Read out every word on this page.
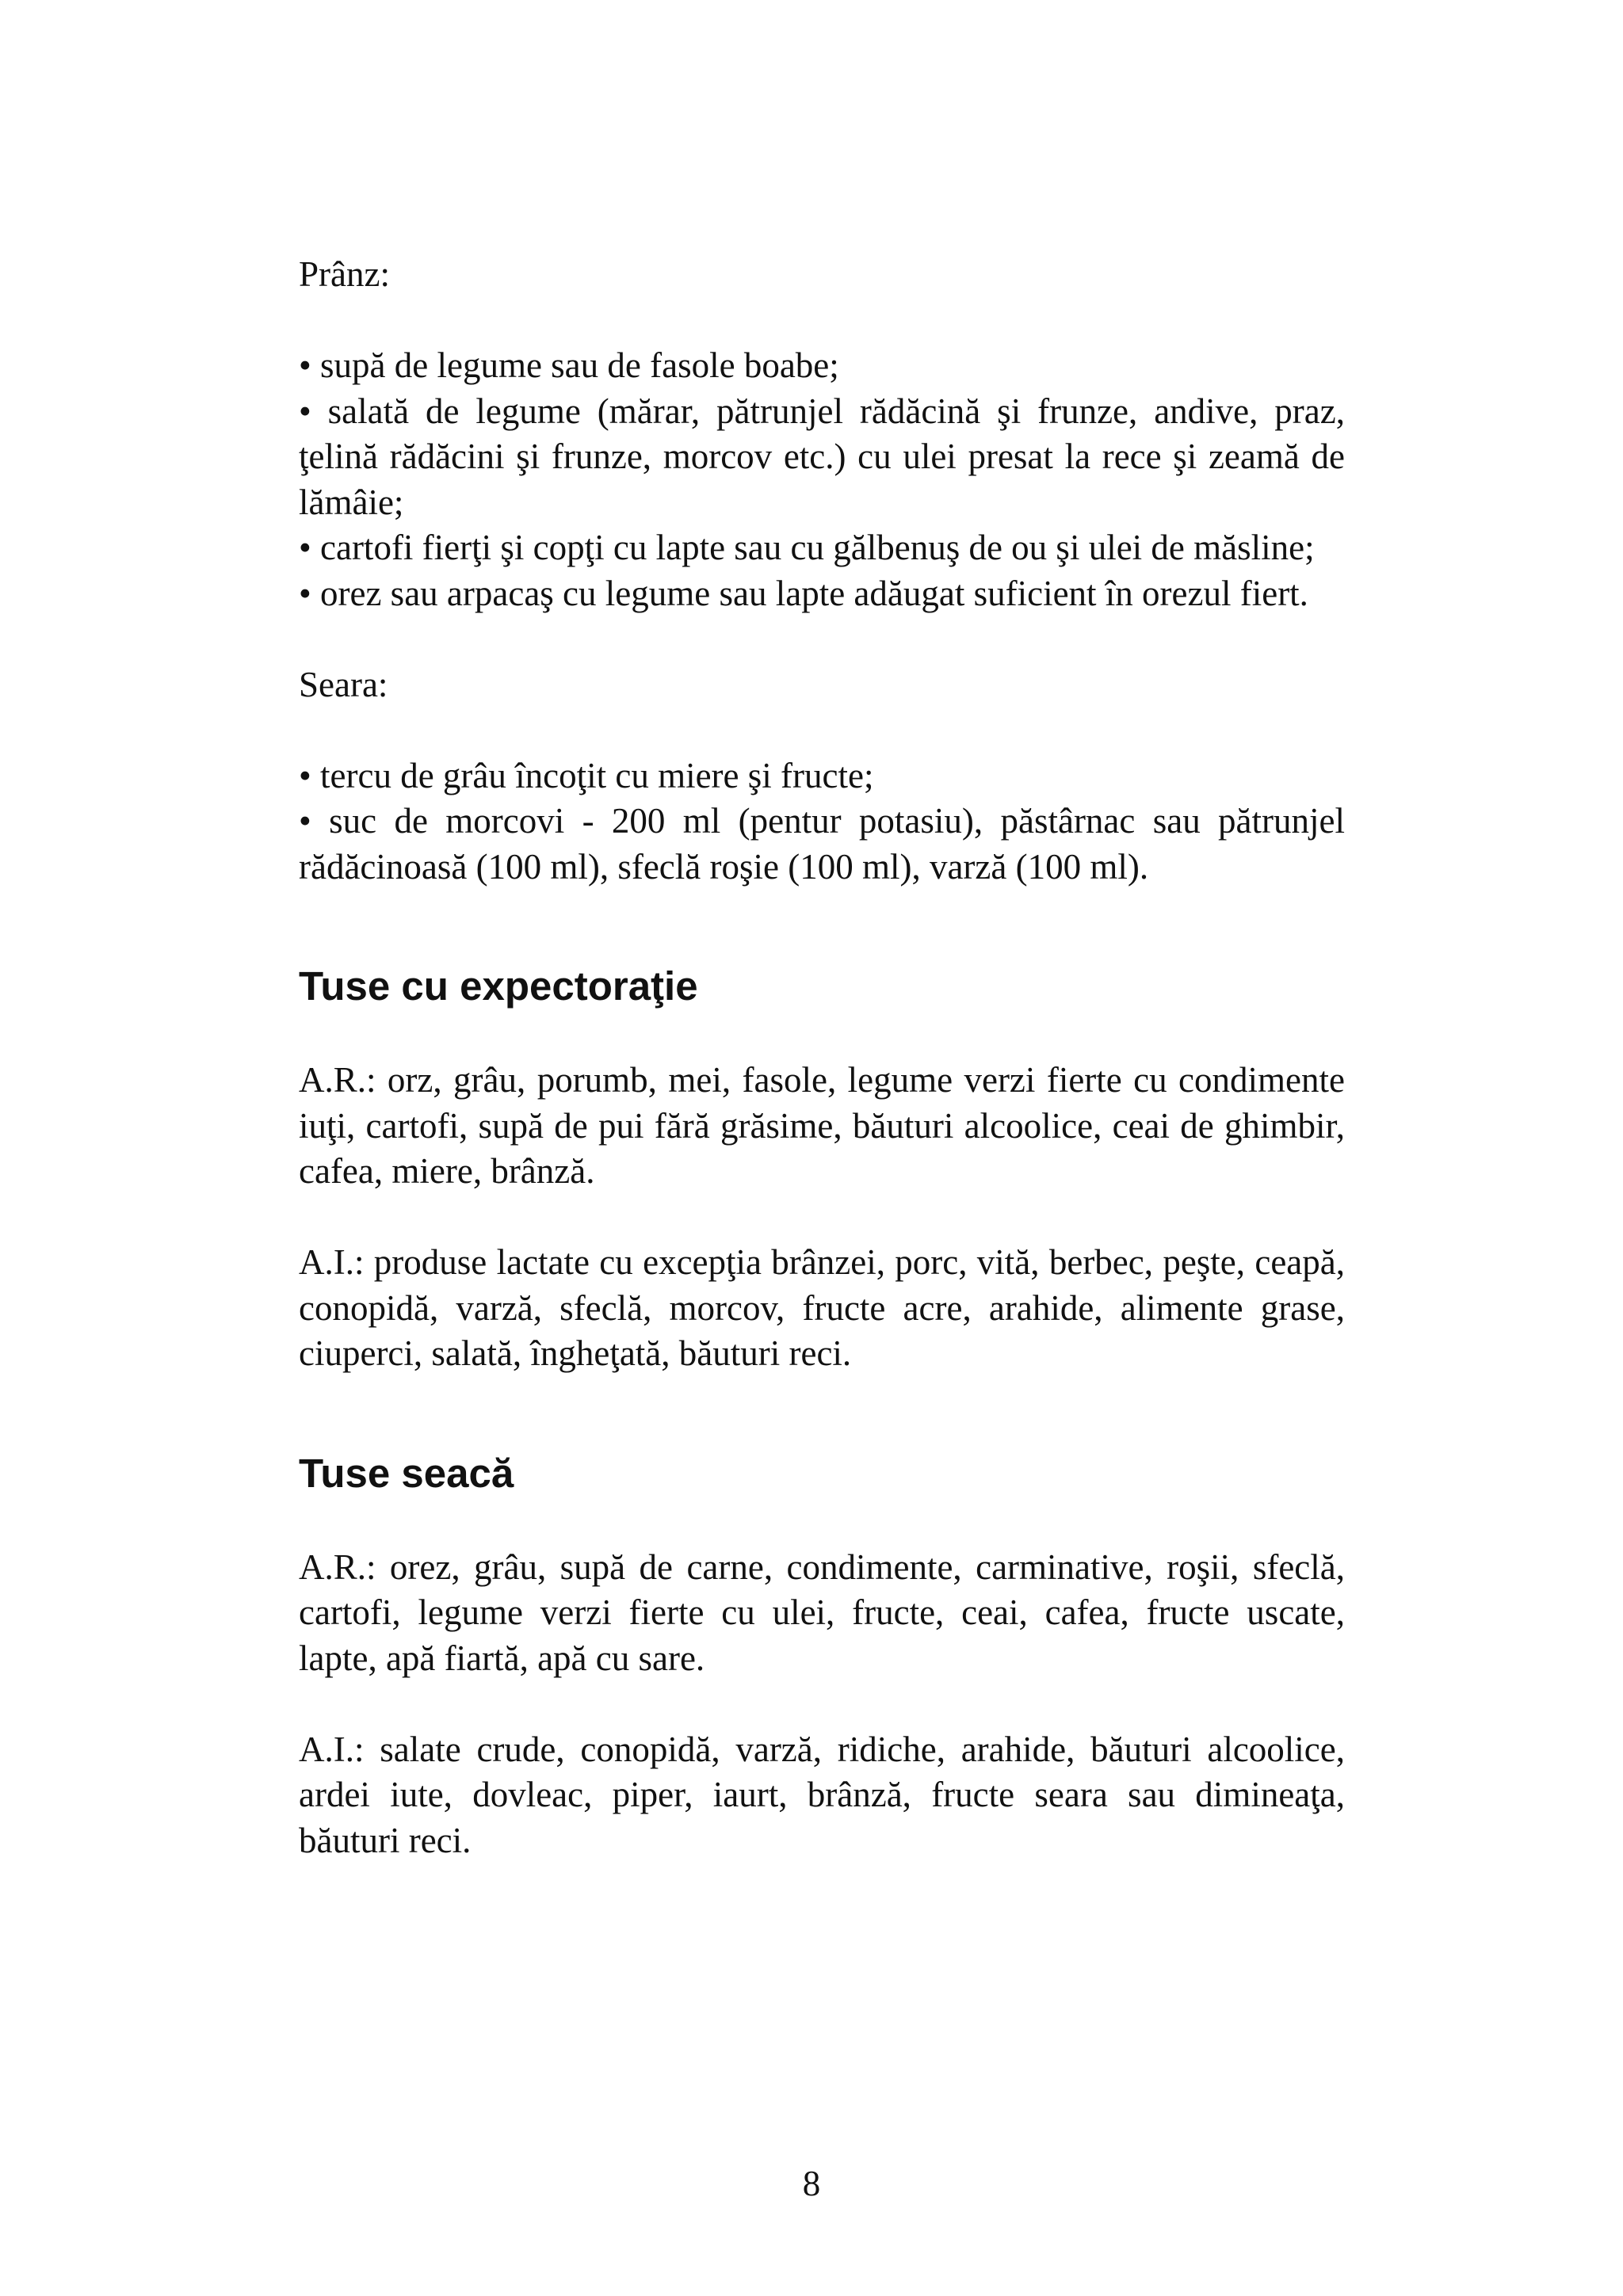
Prânz:

• supă de legume sau de fasole boabe;
• salată de legume (mărar, pătrunjel rădăcină şi frunze, andive, praz, ţelină rădăcini şi frunze, morcov etc.) cu ulei presat la rece şi zeamă de lămâie;
• cartofi fierţi şi copţi cu lapte sau cu gălbenuş de ou şi ulei de măsline;
• orez sau arpacaş cu legume sau lapte adăugat suficient în orezul fiert.

Seara:

• tercu de grâu încoţit cu miere şi fructe;
• suc de morcovi - 200 ml (pentur potasiu), păstârnac sau pătrunjel rădăcinoasă (100 ml), sfeclă roşie (100 ml), varză (100 ml).
Tuse cu expectoraţie

A.R.: orz, grâu, porumb, mei, fasole, legume verzi fierte cu condimente iuţi, cartofi, supă de pui fără grăsime, băuturi alcoolice, ceai de ghimbir, cafea, miere, brânză.

A.I.: produse lactate cu excepţia brânzei, porc, vită, berbec, peşte, ceapă, conopidă, varză, sfeclă, morcov, fructe acre, arahide, alimente grase, ciuperci, salată, îngheţată, băuturi reci.

Tuse seacă

A.R.: orez, grâu, supă de carne, condimente, carminative, roşii, sfeclă, cartofi, legume verzi fierte cu ulei, fructe, ceai, cafea, fructe uscate, lapte, apă fiartă, apă cu sare.

A.I.: salate crude, conopidă, varză, ridiche, arahide, băuturi alcoolice, ardei iute, dovleac, piper, iaurt, brânză, fructe seara sau dimineaţa, băuturi reci.

8
